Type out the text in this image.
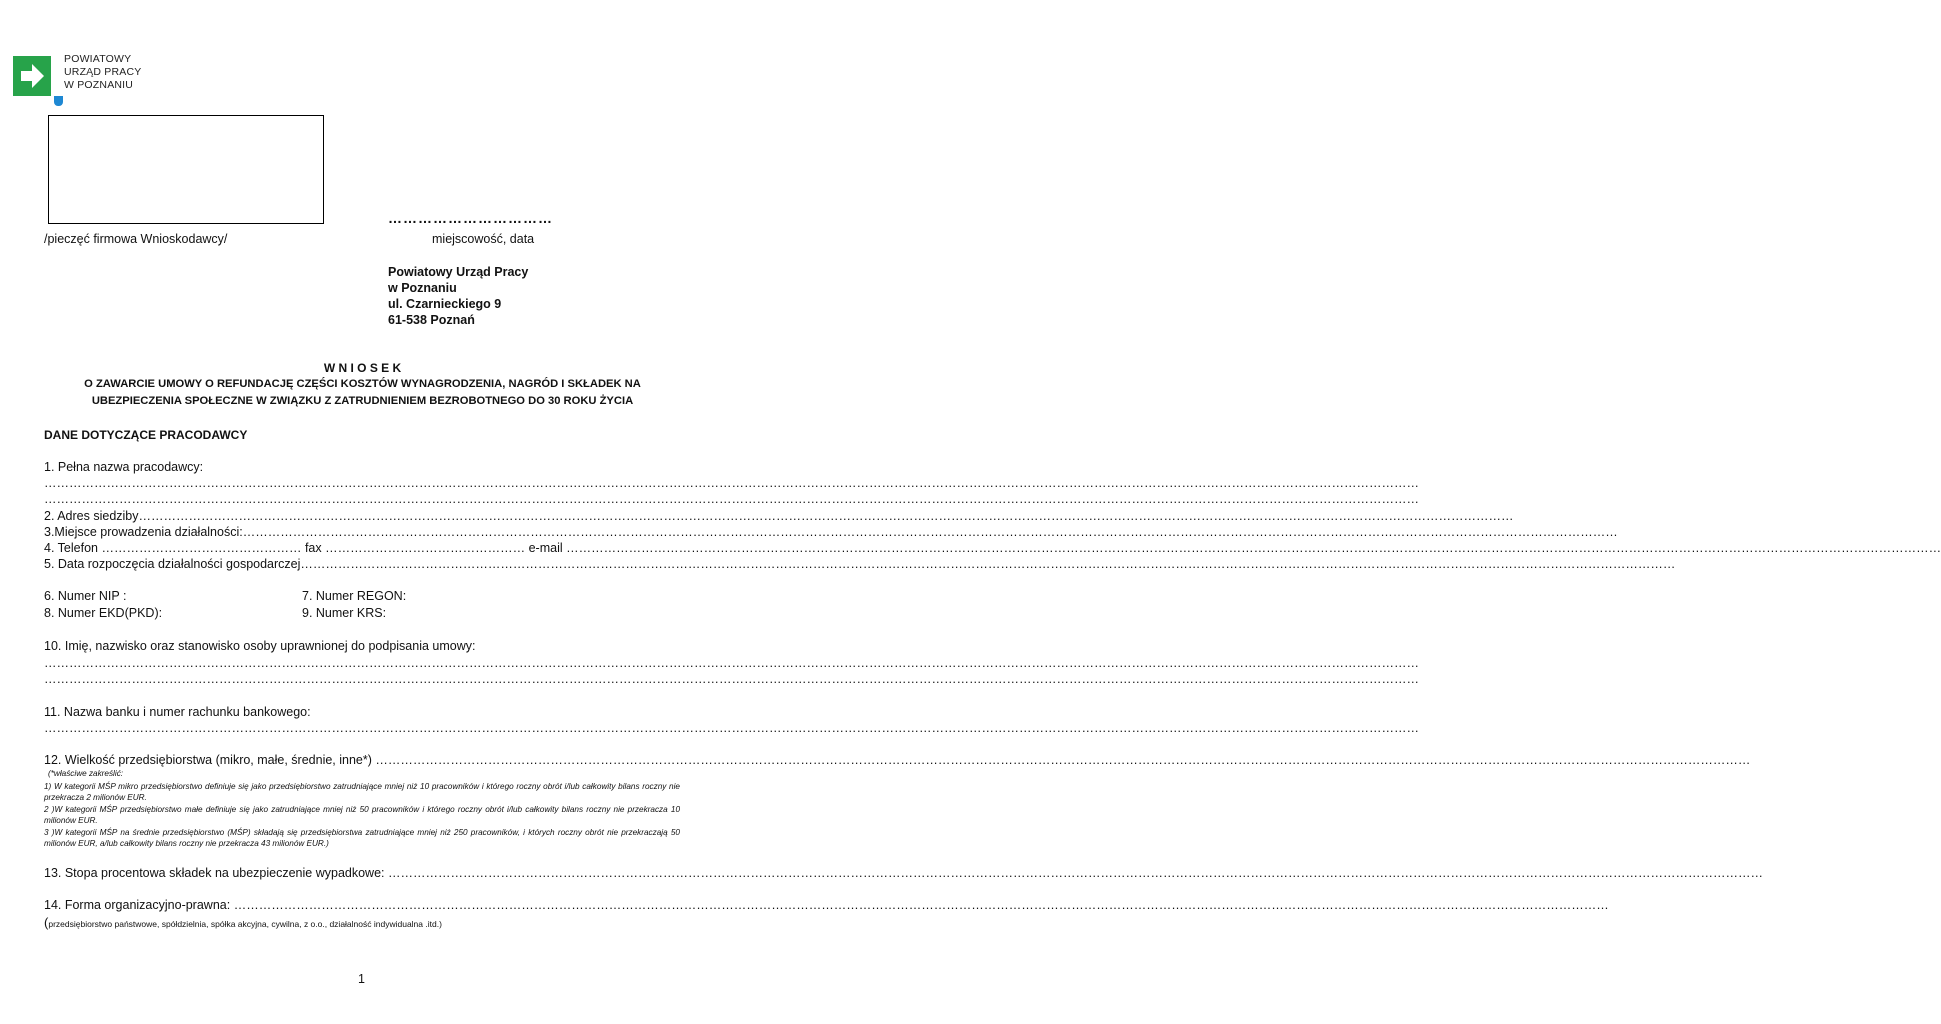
POWIATOWY
URZĄD PRACY
W POZNANIU
/pieczęć firmowa Wnioskodawcy/
……………………………
miejscowość, data
Powiatowy Urząd Pracy
w Poznaniu
ul. Czarnieckiego 9
61-538 Poznań
W N I O S E K
O ZAWARCIE UMOWY O REFUNDACJĘ CZĘŚCI KOSZTÓW WYNAGRODZENIA, NAGRÓD I SKŁADEK NA
UBEZPIECZENIA SPOŁECZNE W ZWIĄZKU Z ZATRUDNIENIEM BEZROBOTNEGO DO 30 ROKU ŻYCIA
DANE DOTYCZĄCE PRACODAWCY
1. Pełna nazwa pracodawcy:
……………………………………………………………………………………………………………………………………………………………………………………………………………………………………………………………………………………………………
……………………………………………………………………………………………………………………………………………………………………………………………………………………………………………………………………………………………………
2. Adres siedziby……………………………………………………………………………………………………………………………………………………………………………………………………………………………………………………………………………………………………
3.Miejsce prowadzenia działalności:……………………………………………………………………………………………………………………………………………………………………………………………………………………………………………………………………………………………………
4. Telefon ………………………………………… fax ………………………………………… e-mail ……………………………………………………………………………………………………………………………………………………………………………………………………………………………………………………………………………………………………
5. Data rozpoczęcia działalności gospodarczej……………………………………………………………………………………………………………………………………………………………………………………………………………………………………………………………………………………………………
6. Numer NIP :	7. Numer REGON:
8. Numer EKD(PKD):	9. Numer KRS:
10. Imię, nazwisko oraz stanowisko osoby uprawnionej do podpisania umowy:
……………………………………………………………………………………………………………………………………………………………………………………………………………………………………………………………………………………………………
……………………………………………………………………………………………………………………………………………………………………………………………………………………………………………………………………………………………………
11. Nazwa banku i numer rachunku bankowego:
……………………………………………………………………………………………………………………………………………………………………………………………………………………………………………………………………………………………………
12. Wielkość przedsiębiorstwa (mikro, małe, średnie, inne*) ……………………………………………………………………………………………………………………………………………………………………………………………………………………………………………………………………………………………………
(*właściwe zakreślić:
1) W kategorii MŚP mikro przedsiębiorstwo definiuje się jako przedsiębiorstwo zatrudniające mniej niż 10 pracowników i którego roczny obrót i/lub całkowity bilans roczny nie przekracza 2 milionów EUR.
2 )W kategorii MŚP przedsiębiorstwo małe definiuje się jako zatrudniające mniej niż 50 pracowników i którego roczny obrót i/lub całkowity bilans roczny nie przekracza 10 milionów EUR.
3 )W kategorii MŚP na średnie przedsiębiorstwo (MŚP) składają się przedsiębiorstwa zatrudniające mniej niż 250 pracowników, i których roczny obrót nie przekraczają 50 milionów EUR, a/lub całkowity bilans roczny nie przekracza 43 milionów EUR.)
13. Stopa procentowa składek na ubezpieczenie wypadkowe: ……………………………………………………………………………………………………………………………………………………………………………………………………………………………………………………………………………………………………
14. Forma organizacyjno-prawna: ……………………………………………………………………………………………………………………………………………………………………………………………………………………………………………………………………………………………………
(przedsiębiorstwo państwowe, spółdzielnia, spółka akcyjna, cywilna, z o.o., działalność indywidualna .itd.)
1
